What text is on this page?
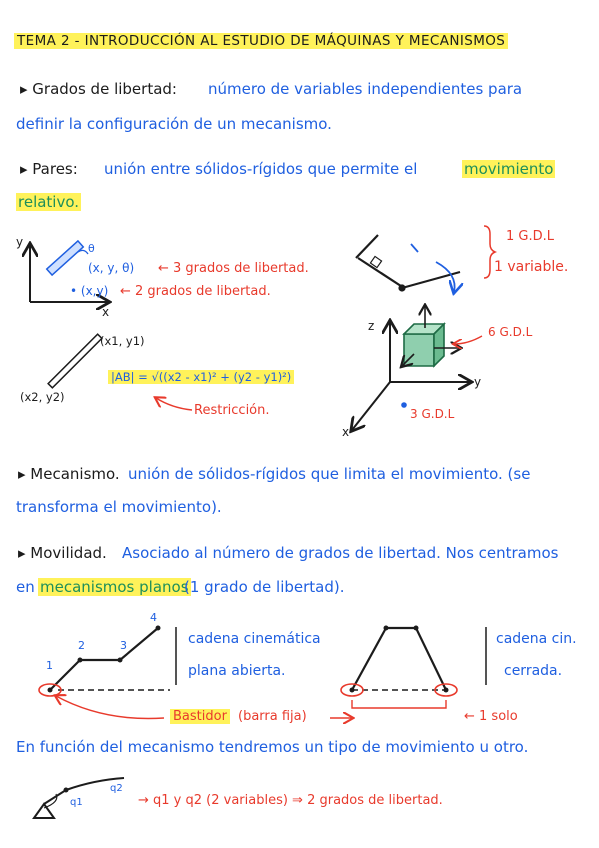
TEMA 2 - INTRODUCCIÓN AL ESTUDIO DE MÁQUINAS Y MECANISMOS
▸ Grados de libertad: número de variables independientes para
definir la configuración de un mecanismo.
▸ Pares: unión entre sólidos-rígidos que permite el	movimiento
relativo.
y
x
θ
(x, y, θ) ← 3 grados de libertad.
• (x,y) ← 2 grados de libertad.
1 G.D.L
1 variable.
(x1, y1)
(x2, y2)
|AB| = √((x2 - x1)² + (y2 - y1)²)
Restricción.
z
y
x
6 G.D.L
3 G.D.L
▸ Mecanismo. unión de sólidos-rígidos que limita el movimiento. (se
transforma el movimiento).
▸ Movilidad. Asociado al número de grados de libertad. Nos centramos
en mecanismos planos
(1 grado de libertad).
1
2	3
4
cadena cinemática
plana abierta.
cadena cin.
cerrada.
Bastidor (barra fija)	← 1 solo
En función del mecanismo tendremos un tipo de movimiento u otro.
q1
q2
→ q1 y q2 (2 variables) ⇒ 2 grados de libertad.
